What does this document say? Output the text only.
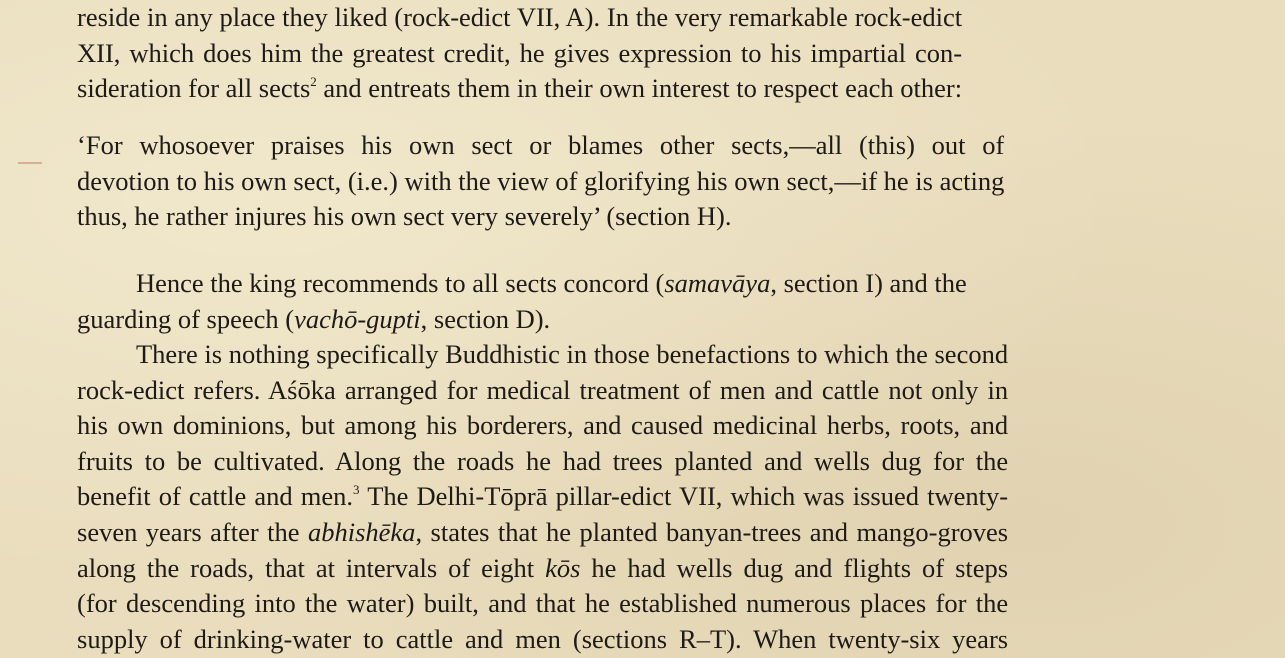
reside in any place they liked (rock-edict VII, A). In the very remarkable rock-edict
XII, which does him the greatest credit, he gives expression to his impartial con-
sideration for all sects$^2$ and entreats them in their own interest to respect each other:
‘For whosoever praises his own sect or blames other sects,—all (this) out of
devotion to his own sect, (i.e.) with the view of glorifying his own sect,—if he is acting
thus, he rather injures his own sect very severely’ (section H).
Hence the king recommends to all sects concord (samavāya, section I) and the
guarding of speech (vachō-gupti, section D).
There is nothing specifically Buddhistic in those benefactions to which the second
rock-edict refers. Aśōka arranged for medical treatment of men and cattle not only in
his own dominions, but among his borderers, and caused medicinal herbs, roots, and
fruits to be cultivated. Along the roads he had trees planted and wells dug for the
benefit of cattle and men.$^3$ The Delhi-Tōprā pillar-edict VII, which was issued twenty-
seven years after the abhishēka, states that he planted banyan-trees and mango-groves
along the roads, that at intervals of eight kōs he had wells dug and flights of steps
(for descending into the water) built, and that he established numerous places for the
supply of drinking-water to cattle and men (sections R–T). When twenty-six years
